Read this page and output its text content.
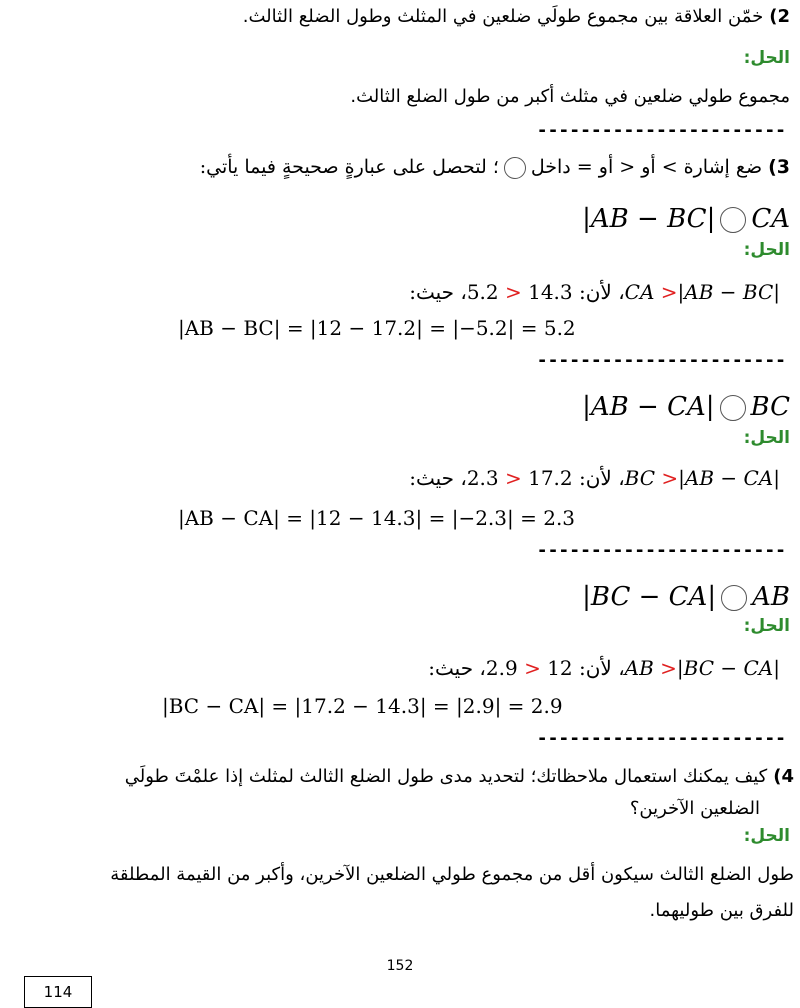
2)خمّن العلاقة بين مجموع طولَي ضلعين في المثلث وطول الضلع الثالث.
الحل:
مجموع طولي ضلعين في مثلث أكبر من طول الضلع الثالث.
-----------------------
3)ضع إشارة > أو < أو = داخل؛ لتحصل على عبارةٍ صحيحةٍ فيما يأتي:
|AB − BC| CA
الحل:
|AB − BC|< CA، لأن: 14.3 < 5.2، حيث:
|AB − BC| = |12 − 17.2| = |−5.2| = 5.2
-----------------------
|AB − CA| BC
الحل:
|AB − CA|< BC، لأن: 17.2 < 2.3، حيث:
|AB − CA| = |12 − 14.3| = |−2.3| = 2.3
-----------------------
|BC − CA| AB
الحل:
|BC − CA|< AB، لأن: 12 < 2.9، حيث:
|BC − CA| = |17.2 − 14.3| = |2.9| = 2.9
-----------------------
4)كيف يمكنك استعمال ملاحظاتك؛ لتحديد مدى طول الضلع الثالث لمثلث إذا علمْتَ طولَي
الضلعين الآخرين؟
الحل:
طول الضلع الثالث سيكون أقل من مجموع طولي الضلعين الآخرين، وأكبر من القيمة المطلقة
للفرق بين طوليهما.
152
114
